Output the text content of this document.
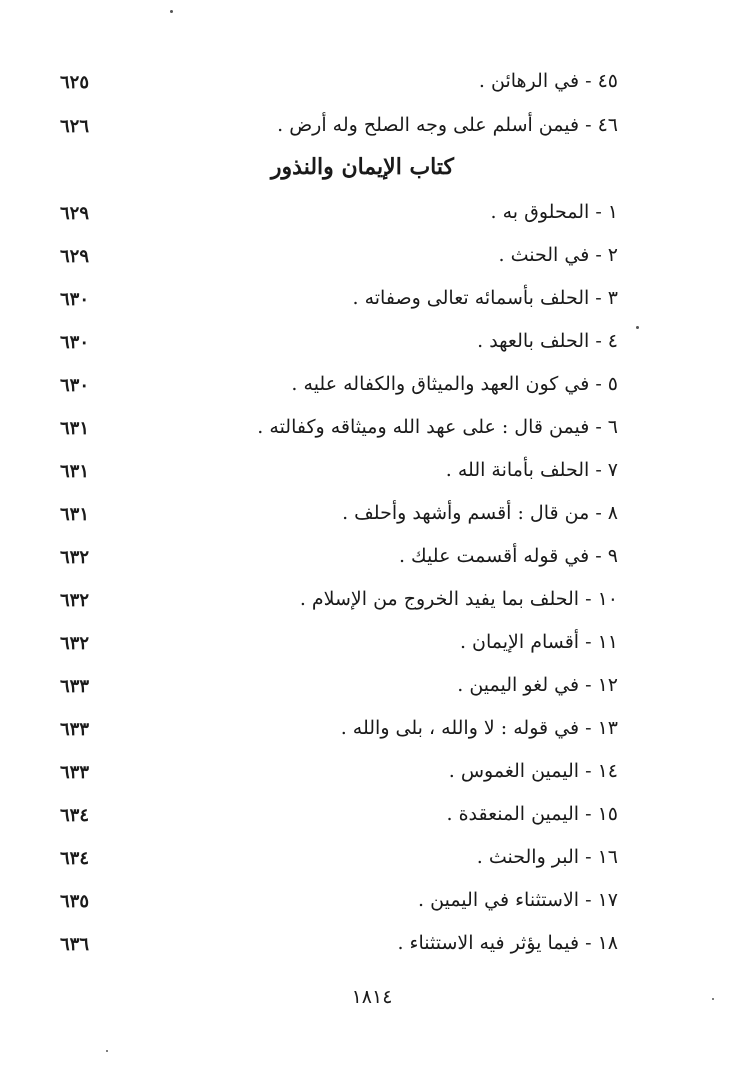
٤٥ - في الرهائن .
٦٢٥
٤٦ - فيمن أسلم على وجه الصلح وله أرض .
٦٢٦
كتاب الإيمان والنذور
١ - المحلوق به .
٦٢٩
٢ - في الحنث .
٦٢٩
٣ - الحلف بأسمائه تعالى وصفاته .
٦٣٠
٤ - الحلف بالعهد .
٦٣٠
٥ - في كون العهد والميثاق والكفاله عليه .
٦٣٠
٦ - فيمن قال : على عهد الله وميثاقه وكفالته .
٦٣١
٧ - الحلف بأمانة الله .
٦٣١
٨ - من قال : أقسم وأشهد وأحلف .
٦٣١
٩ - في قوله أقسمت عليك .
٦٣٢
١٠ - الحلف بما يفيد الخروج من الإسلام .
٦٣٢
١١ - أقسام الإيمان .
٦٣٢
١٢ - في لغو اليمين .
٦٣٣
١٣ - في قوله : لا والله ، بلى والله .
٦٣٣
١٤ - اليمين الغموس .
٦٣٣
١٥ - اليمين المنعقدة .
٦٣٤
١٦ - البر والحنث .
٦٣٤
١٧ - الاستثناء في اليمين .
٦٣٥
١٨ - فيما يؤثر فيه الاستثناء .
٦٣٦
١٨١٤
